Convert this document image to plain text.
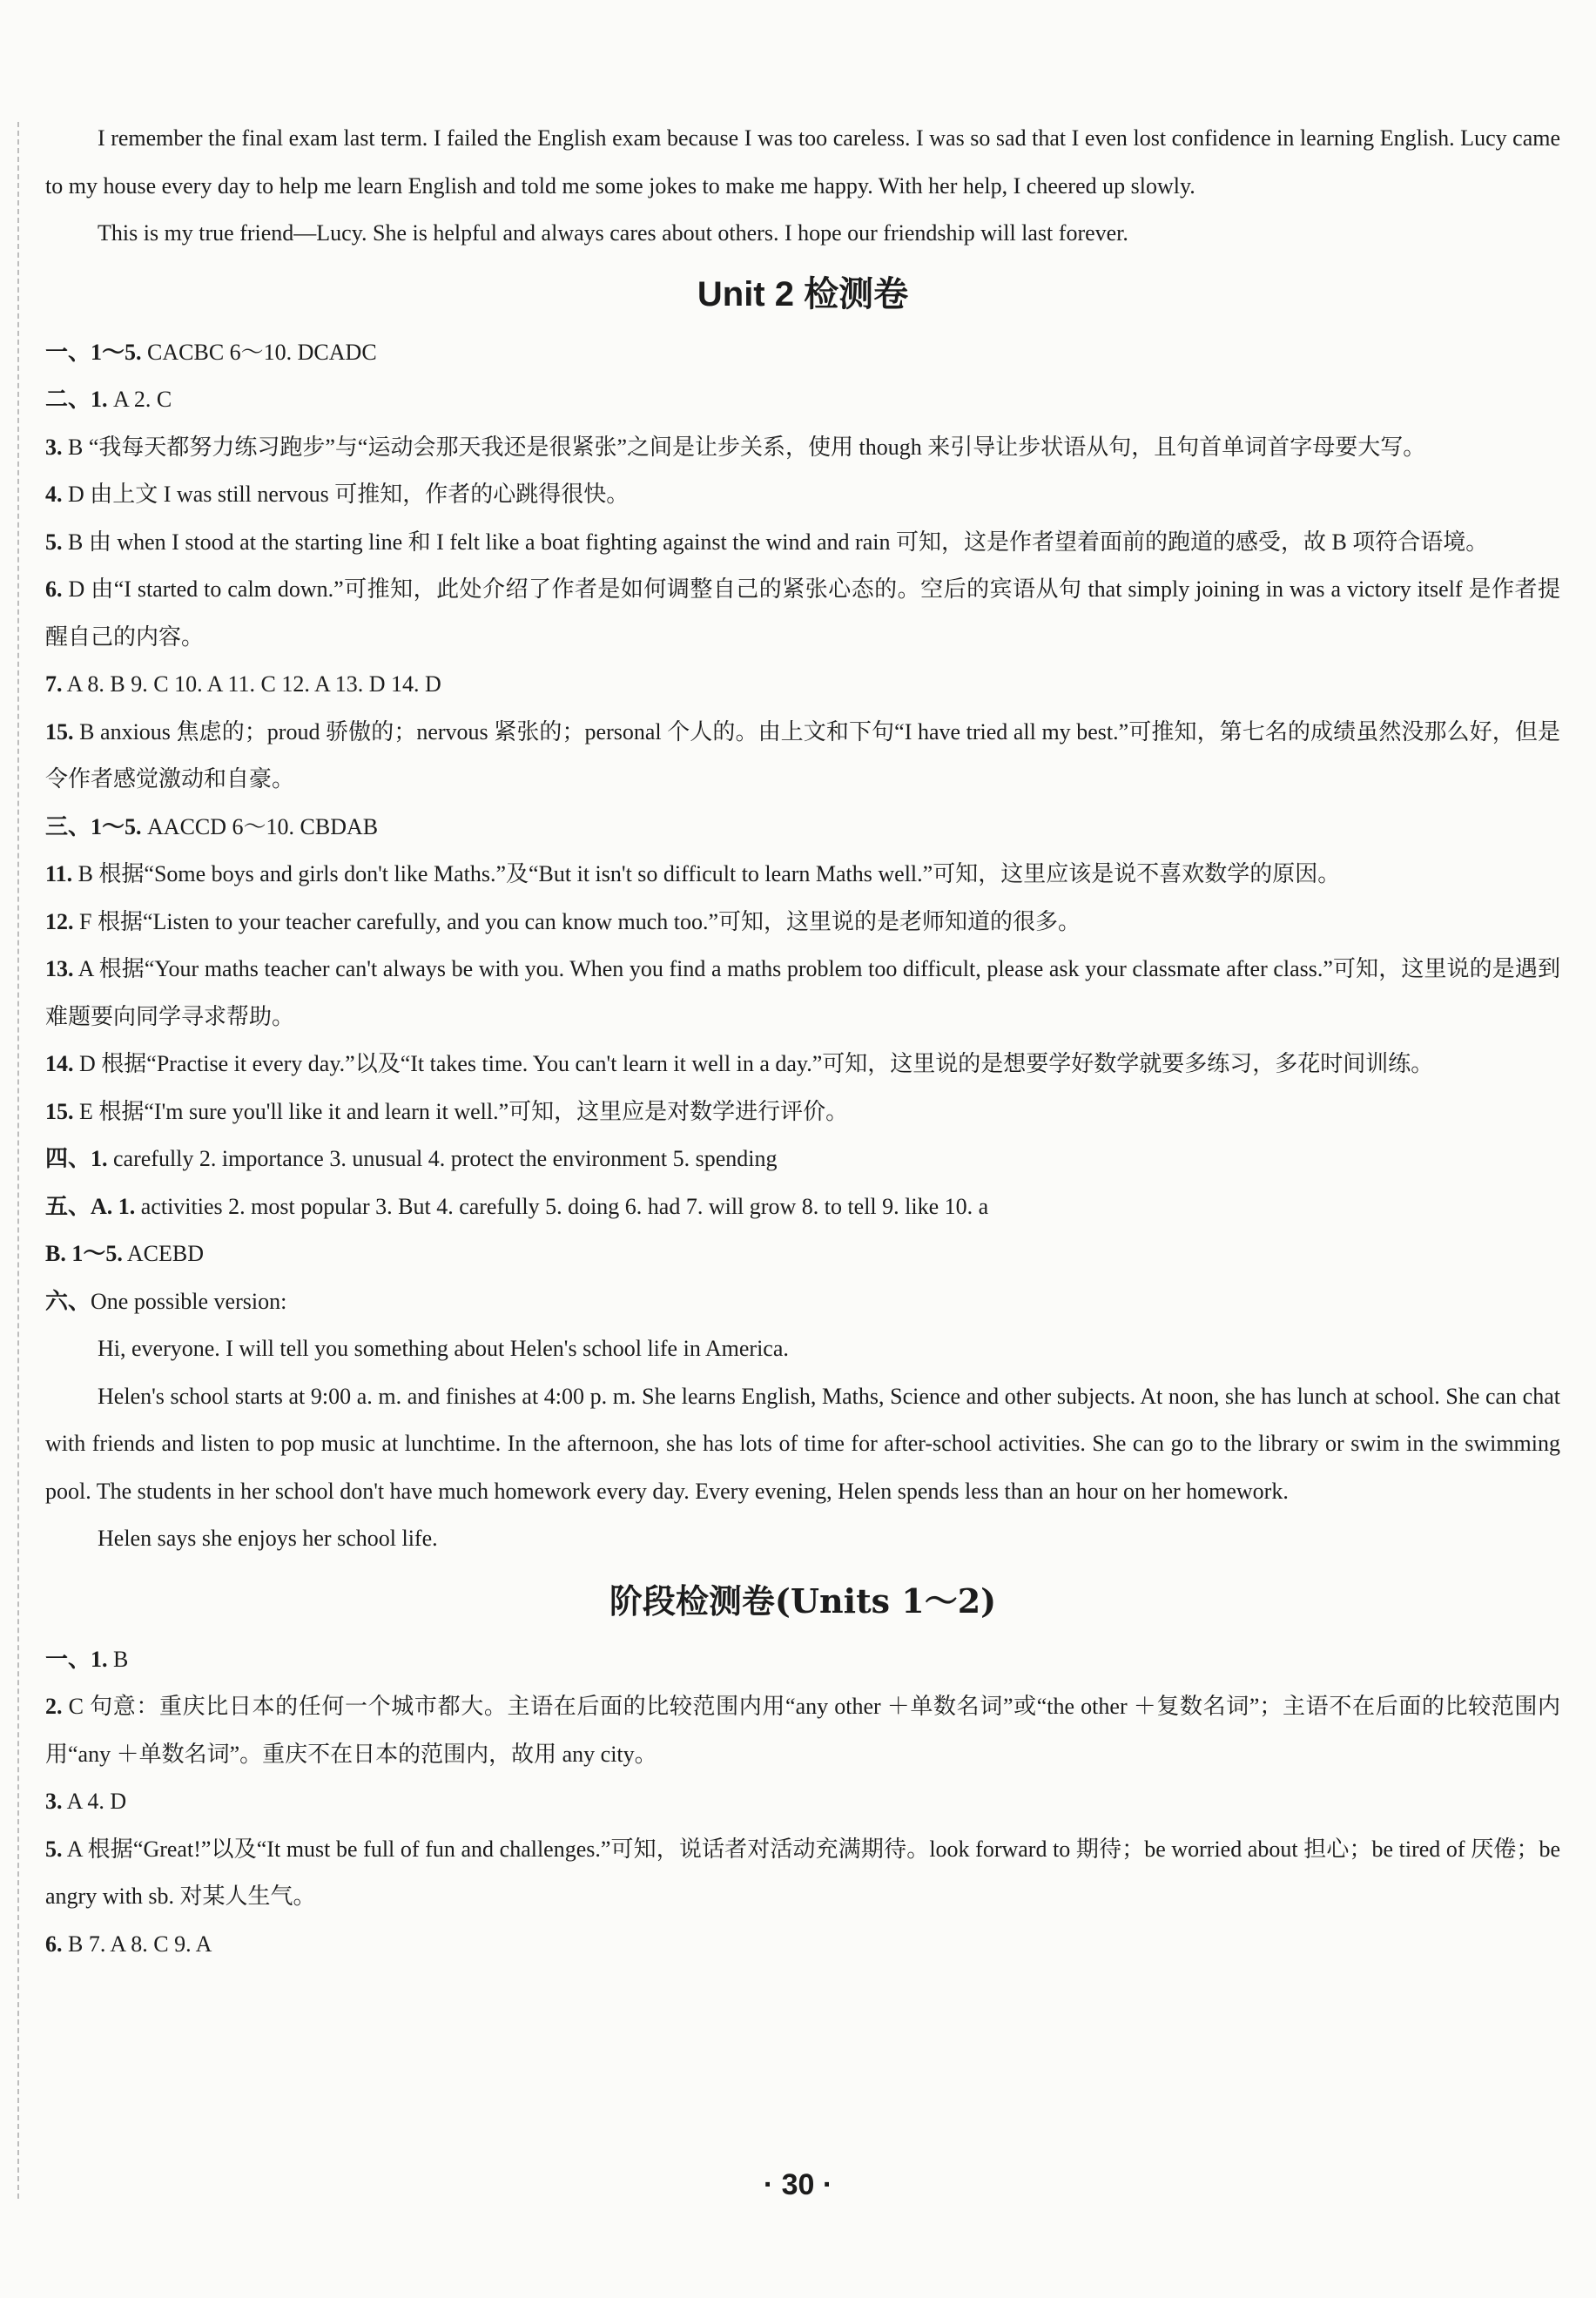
I remember the final exam last term. I failed the English exam because I was too careless. I was so sad that I even lost confidence in learning English. Lucy came to my house every day to help me learn English and told me some jokes to make me happy. With her help, I cheered up slowly.

This is my true friend—Lucy. She is helpful and always cares about others. I hope our friendship will last forever.

Unit 2 检测卷

一、1～5. CACBC 6～10. DCADC

二、1. A 2. C

3. B “我每天都努力练习跑步”与“运动会那天我还是很紧张”之间是让步关系，使用 though 来引导让步状语从句，且句首单词首字母要大写。

4. D 由上文 I was still nervous 可推知，作者的心跳得很快。

5. B 由 when I stood at the starting line 和 I felt like a boat fighting against the wind and rain 可知，这是作者望着面前的跑道的感受，故 B 项符合语境。

6. D 由“I started to calm down.”可推知，此处介绍了作者是如何调整自己的紧张心态的。空后的宾语从句 that simply joining in was a victory itself 是作者提醒自己的内容。

7. A 8. B 9. C 10. A 11. C 12. A 13. D 14. D

15. B anxious 焦虑的；proud 骄傲的；nervous 紧张的；personal 个人的。由上文和下句“I have tried all my best.”可推知，第七名的成绩虽然没那么好，但是令作者感觉激动和自豪。

三、1～5. AACCD 6～10. CBDAB

11. B 根据“Some boys and girls don't like Maths.”及“But it isn't so difficult to learn Maths well.”可知，这里应该是说不喜欢数学的原因。

12. F 根据“Listen to your teacher carefully, and you can know much too.”可知，这里说的是老师知道的很多。

13. A 根据“Your maths teacher can't always be with you. When you find a maths problem too difficult, please ask your classmate after class.”可知，这里说的是遇到难题要向同学寻求帮助。

14. D 根据“Practise it every day.”以及“It takes time. You can't learn it well in a day.”可知，这里说的是想要学好数学就要多练习，多花时间训练。

15. E 根据“I'm sure you'll like it and learn it well.”可知，这里应是对数学进行评价。

四、1. carefully 2. importance 3. unusual 4. protect the environment 5. spending

五、A. 1. activities 2. most popular 3. But 4. carefully 5. doing 6. had 7. will grow 8. to tell 9. like 10. a

B. 1～5. ACEBD

六、One possible version:

Hi, everyone. I will tell you something about Helen's school life in America.

Helen's school starts at 9:00 a. m. and finishes at 4:00 p. m. She learns English, Maths, Science and other subjects. At noon, she has lunch at school. She can chat with friends and listen to pop music at lunchtime. In the afternoon, she has lots of time for after-school activities. She can go to the library or swim in the swimming pool. The students in her school don't have much homework every day. Every evening, Helen spends less than an hour on her homework.

Helen says she enjoys her school life.

阶段检测卷(Units 1～2)

一、1. B

2. C 句意：重庆比日本的任何一个城市都大。主语在后面的比较范围内用“any other ＋单数名词”或“the other ＋复数名词”；主语不在后面的比较范围内用“any ＋单数名词”。重庆不在日本的范围内，故用 any city。

3. A 4. D

5. A 根据“Great!”以及“It must be full of fun and challenges.”可知，说话者对活动充满期待。look forward to 期待；be worried about 担心；be tired of 厌倦；be angry with sb. 对某人生气。

6. B 7. A 8. C 9. A

· 30 ·
